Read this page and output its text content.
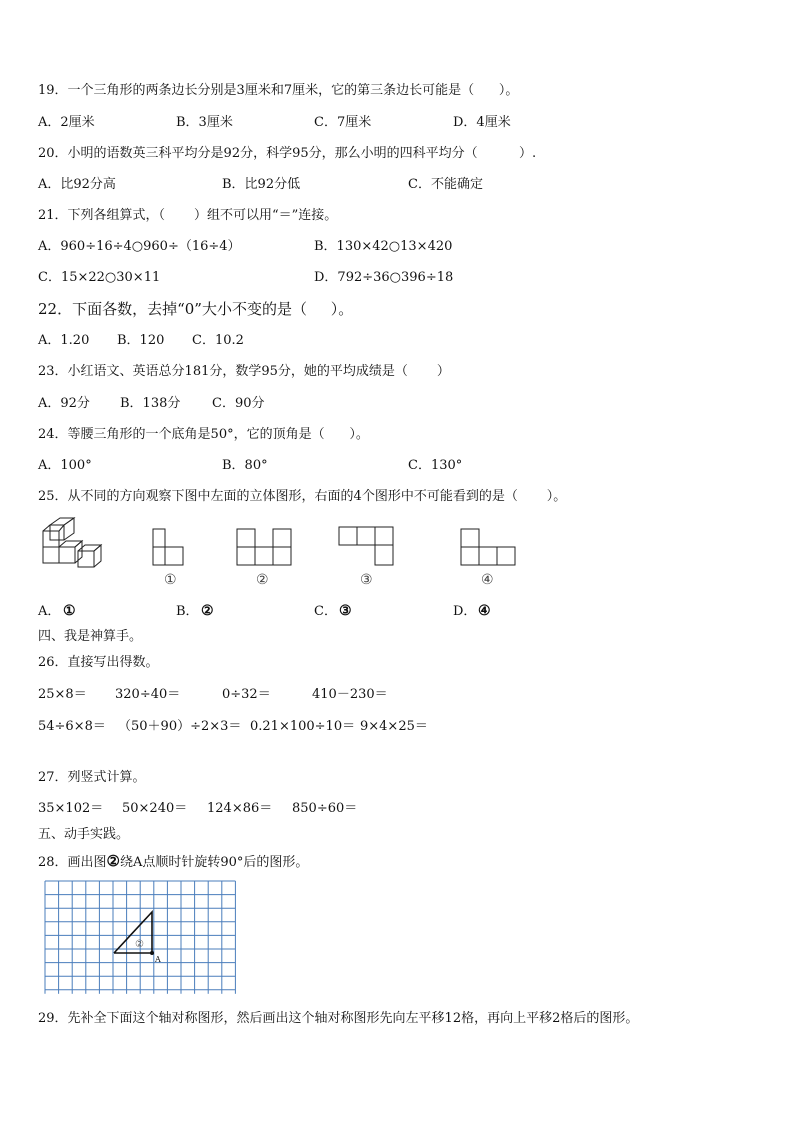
19．一个三角形的两条边长分别是3厘米和7厘米，它的第三条边长可能是（      ）。
A．2厘米	B．3厘米	C．7厘米	D．4厘米
20．小明的语数英三科平均分是92分，科学95分，那么小明的四科平均分（          ）.
A．比92分高	B．比92分低	C．不能确定
21．下列各组算式，（       ）组不可以用“＝”连接。
A．960÷16÷4○960÷（16÷4）	B．130×42○13×420
C．15×22○30×11	D．792÷36○396÷18
22．下面各数，去掉“0”大小不变的是（     ）。
A．1.20 B．120 C．10.2
23．小红语文、英语总分181分，数学95分，她的平均成绩是（       ）
A．92分 B．138分 C．90分
24．等腰三角形的一个底角是50°，它的顶角是（      ）。
A．100°	B．80°	C．130°
25．从不同的方向观察下图中左面的立体图形，右面的4个图形中不可能看到的是（       ）。
①	②	③	④
A． ①	B． ②	C． ③	D． ④
四、我是神算手。
26．直接写出得数。
25×8＝ 320÷40＝	0÷32＝	410－230＝
54÷6×8＝ （50＋90）÷2×3＝ 0.21×100÷10＝ 9×4×25＝
27．列竖式计算。
35×102＝ 50×240＝ 124×86＝ 850÷60＝
五、动手实践。
28．画出图②绕A点顺时针旋转90°后的图形。
②
A
29．先补全下面这个轴对称图形，然后画出这个轴对称图形先向左平移12格，再向上平移2格后的图形。
